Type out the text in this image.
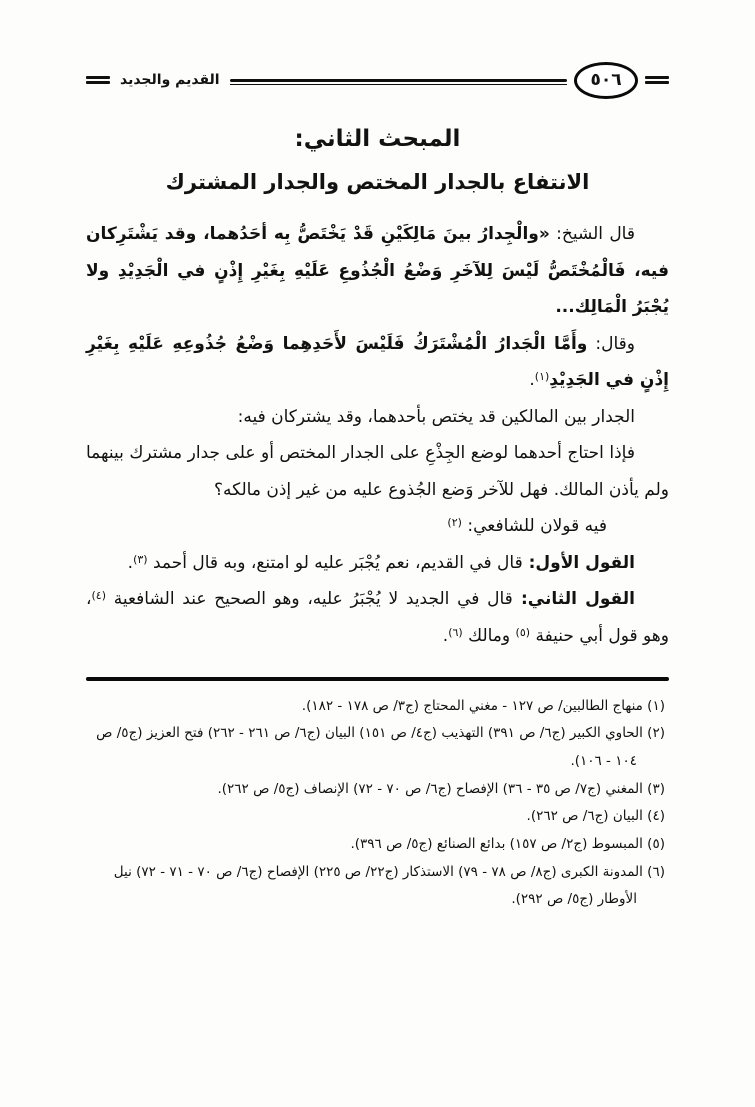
٥٠٦
القديم والجديد
المبحث الثاني:
الانتفاع بالجدار المختص والجدار المشترك

قال الشيخ: «والْجِدارُ بينَ مَالِكَيْنِ قَدْ يَخْتَصُّ بِه أحَدُهما، وقد يَشْتَرِكان فيه، فَالْمُخْتَصُّ لَيْسَ لِلآخَرِ وَضْعُ الْجُذُوعِ عَلَيْهِ بِغَيْرِ إِذْنٍ في الْجَدِيْدِ ولا يُجْبَرُ الْمَالِك...

وقال: وأَمَّا الْجَدارُ الْمُشْتَرَكُ فَلَيْسَ لأَحَدِهِما وَضْعُ جُذُوعِهِ عَلَيْهِ بِغَيْرِ إِذْنٍ في الجَدِيْدِ$^{(١)}$.

الجدار بين المالكين قد يختص بأحدهما، وقد يشتركان فيه:

فإذا احتاج أحدهما لوضع الجِذْعِ على الجدار المختص أو على جدار مشترك بينهما ولم يأذن المالك. فهل للآخر وَضع الجُذوع عليه من غير إذن مالكه؟

فيه قولان للشافعي: $^{(٢)}$

القول الأول: قال في القديم، نعم يُجْبَر عليه لو امتنع، وبه قال أحمد $^{(٣)}$.

القول الثاني: قال في الجديد لا يُجْبَرُ عليه، وهو الصحيح عند الشافعية $^{(٤)}$، وهو قول أبي حنيفة $^{(٥)}$ ومالك $^{(٦)}$.

(١) منهاج الطالبين/ ص ١٢٧ - مغني المحتاج (ج٣/ ص ١٧٨ - ١٨٢).
(٢) الحاوي الكبير (ج٦/ ص ٣٩١) التهذيب (ج٤/ ص ١٥١) البيان (ج٦/ ص ٢٦١ - ٢٦٢) فتح العزيز (ج٥/ ص ١٠٤ - ١٠٦).
(٣) المغني (ج٧/ ص ٣٥ - ٣٦) الإفصاح (ج٦/ ص ٧٠ - ٧٢) الإنصاف (ج٥/ ص ٢٦٢).
(٤) البيان (ج٦/ ص ٢٦٢).
(٥) المبسوط (ج٢/ ص ١٥٧) بدائع الصنائع (ج٥/ ص ٣٩٦).
(٦) المدونة الكبرى (ج٨/ ص ٧٨ - ٧٩) الاستذكار (ج٢٢/ ص ٢٢٥) الإفصاح (ج٦/ ص ٧٠ - ٧١ - ٧٢) نيل الأوطار (ج٥/ ص ٢٩٢).
